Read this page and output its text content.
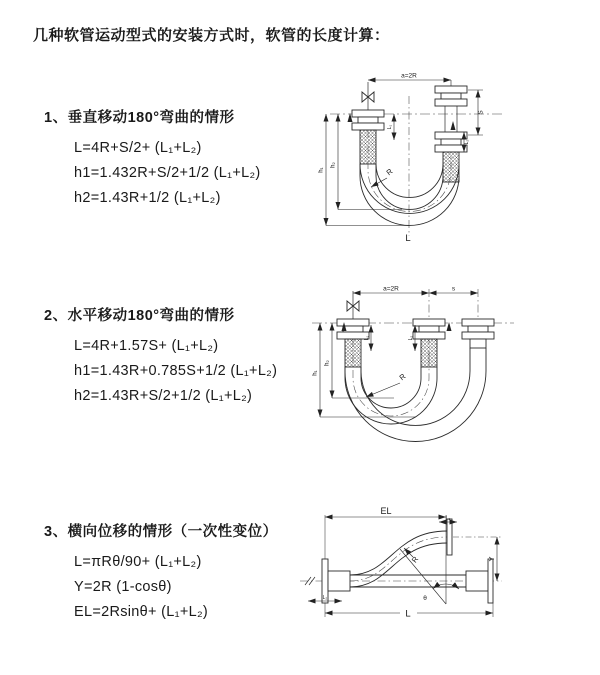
几种软管运动型式的安装方式时，软管的长度计算：
1、垂直移动180°弯曲的情形
L=4R+S/2+ (L₁+L₂)
h1=1.432R+S/2+1/2 (L₁+L₂)
h2=1.43R+1/2 (L₁+L₂)
2、水平移动180°弯曲的情形
L=4R+1.57S+ (L₁+L₂)
h1=1.43R+0.785S+1/2 (L₁+L₂)
h2=1.43R+S/2+1/2 (L₁+L₂)
3、横向位移的情形（一次性变位）
L=πRθ/90+ (L₁+L₂)
Y=2R (1-cosθ)
EL=2Rsinθ+ (L₁+L₂)
a=2R
S
L₂
L₁
h₁
h₂
R
L
a=2R	s
h₁
h₂
L₁	L₂
R
EL
L₁
Y
L₂
L
R
θ
